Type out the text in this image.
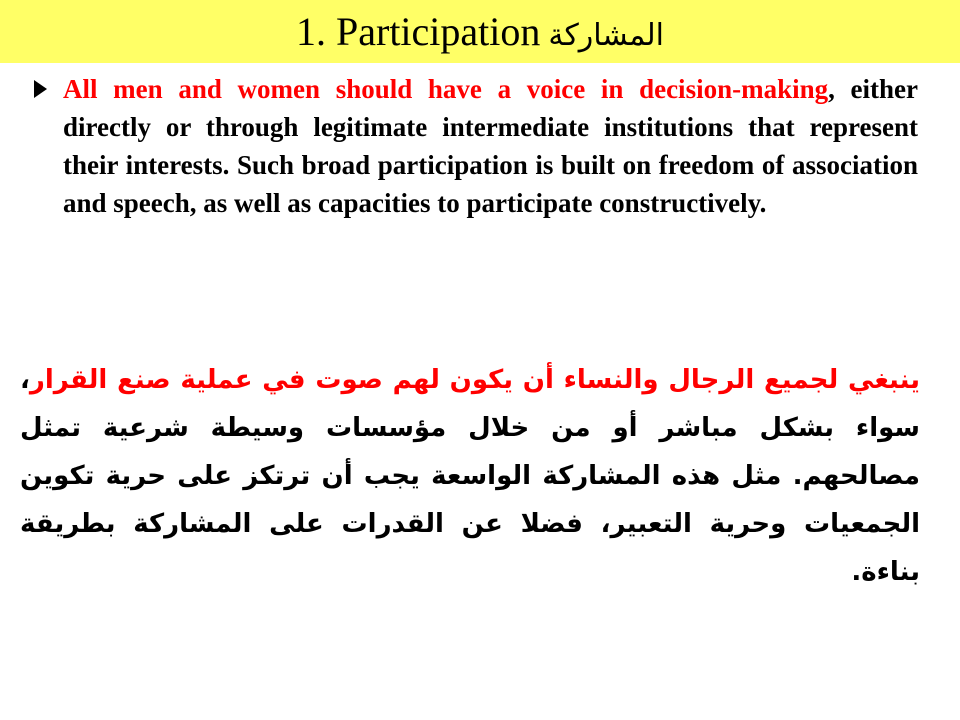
1. Participation المشاركة

All men and women should have a voice in decision-making, either directly or through legitimate intermediate institutions that represent their interests. Such broad participation is built on freedom of association and speech, as well as capacities to participate constructively.

ينبغي لجميع الرجال والنساء أن يكون لهم صوت في عملية صنع القرار، سواء بشكل مباشر أو من خلال مؤسسات وسيطة شرعية تمثل مصالحهم. مثل هذه المشاركة الواسعة يجب أن ترتكز على حرية تكوين الجمعيات وحرية التعبير، فضلا عن القدرات على المشاركة بطريقة بناءة.
